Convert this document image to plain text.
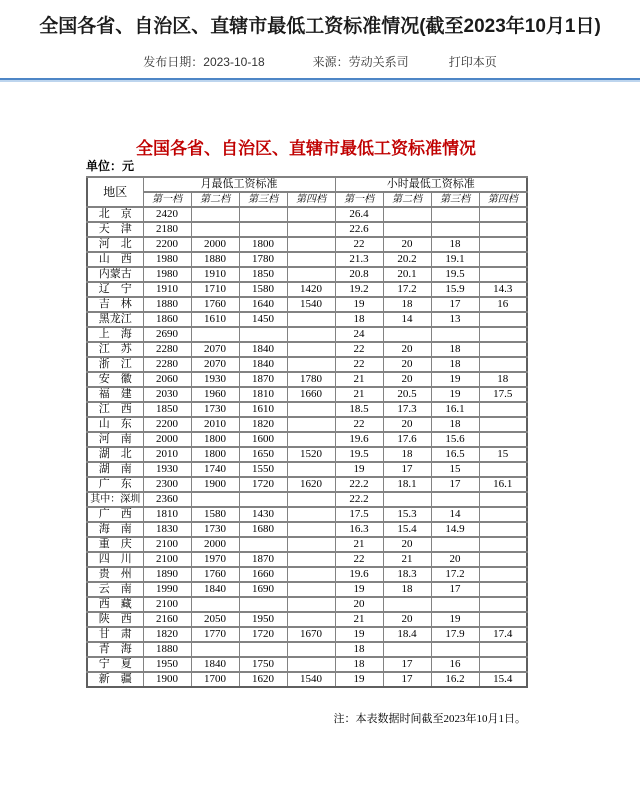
全国各省、自治区、直辖市最低工资标准情况(截至2023年10月1日)
发布日期：2023-10-18	来源：劳动关系司	打印本页
全国各省、自治区、直辖市最低工资标准情况
单位：元
地区	月最低工资标准				小时最低工资标准			
	第一档	第二档	第三档	第四档	第一档	第二档	第三档	第四档
北　京	2420				26.4			
天　津	2180				22.6			
河　北	2200	2000	1800		22	20	18	
山　西	1980	1880	1780		21.3	20.2	19.1	
内蒙古	1980	1910	1850		20.8	20.1	19.5	
辽　宁	1910	1710	1580	1420	19.2	17.2	15.9	14.3
吉　林	1880	1760	1640	1540	19	18	17	16
黑龙江	1860	1610	1450		18	14	13	
上　海	2690				24			
江　苏	2280	2070	1840		22	20	18	
浙　江	2280	2070	1840		22	20	18	
安　徽	2060	1930	1870	1780	21	20	19	18
福　建	2030	1960	1810	1660	21	20.5	19	17.5
江　西	1850	1730	1610		18.5	17.3	16.1	
山　东	2200	2010	1820		22	20	18	
河　南	2000	1800	1600		19.6	17.6	15.6	
湖　北	2010	1800	1650	1520	19.5	18	16.5	15
湖　南	1930	1740	1550		19	17	15	
广　东	2300	1900	1720	1620	22.2	18.1	17	16.1
其中：深圳	2360				22.2			
广　西	1810	1580	1430		17.5	15.3	14	
海　南	1830	1730	1680		16.3	15.4	14.9	
重　庆	2100	2000			21	20		
四　川	2100	1970	1870		22	21	20	
贵　州	1890	1760	1660		19.6	18.3	17.2	
云　南	1990	1840	1690		19	18	17	
西　藏	2100				20			
陕　西	2160	2050	1950		21	20	19	
甘　肃	1820	1770	1720	1670	19	18.4	17.9	17.4
青　海	1880				18			
宁　夏	1950	1840	1750		18	17	16	
新　疆	1900	1700	1620	1540	19	17	16.2	15.4
注：本表数据时间截至2023年10月1日。
